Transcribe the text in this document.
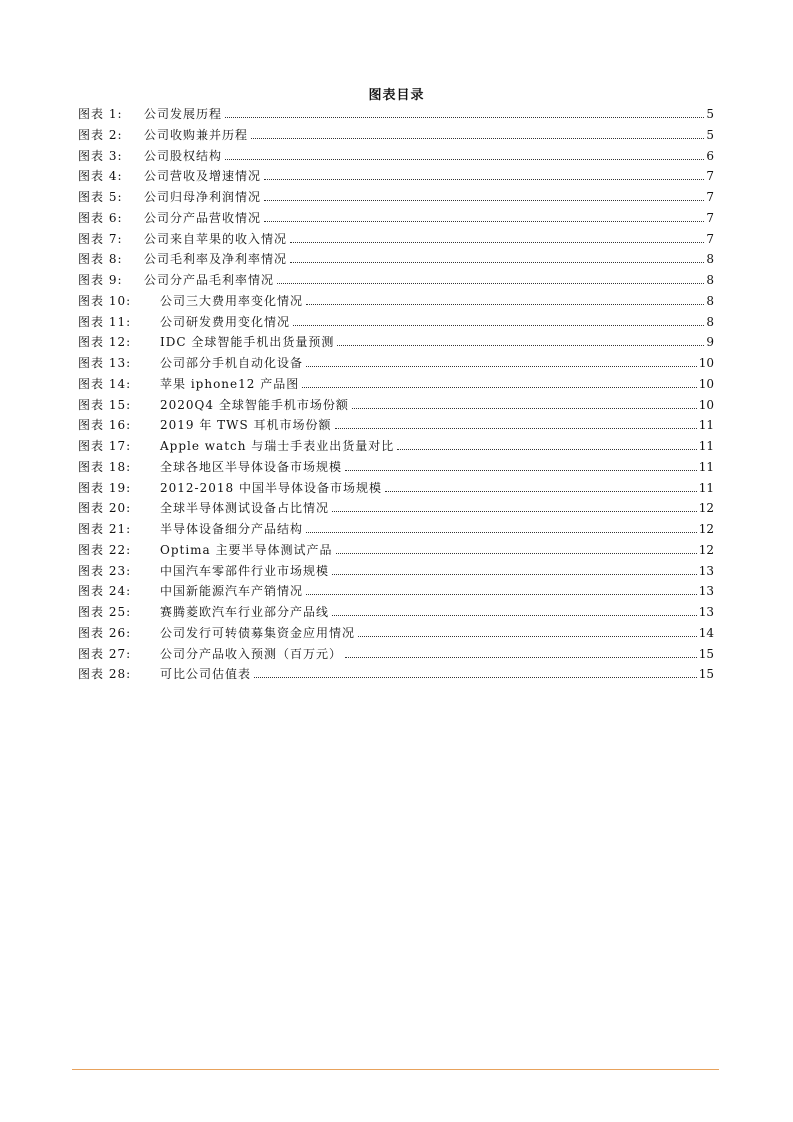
图表目录
图表 1:	公司发展历程	5
图表 2:	公司收购兼并历程	5
图表 3:	公司股权结构	6
图表 4:	公司营收及增速情况	7
图表 5:	公司归母净利润情况	7
图表 6:	公司分产品营收情况	7
图表 7:	公司来自苹果的收入情况	7
图表 8:	公司毛利率及净利率情况	8
图表 9:	公司分产品毛利率情况	8
图表 10:	公司三大费用率变化情况	8
图表 11:	公司研发费用变化情况	8
图表 12:	IDC 全球智能手机出货量预测	9
图表 13:	公司部分手机自动化设备	10
图表 14:	苹果 iphone12 产品图	10
图表 15:	2020Q4 全球智能手机市场份额	10
图表 16:	2019 年 TWS 耳机市场份额	11
图表 17:	Apple watch 与瑞士手表业出货量对比	11
图表 18:	全球各地区半导体设备市场规模	11
图表 19:	2012-2018 中国半导体设备市场规模	11
图表 20:	全球半导体测试设备占比情况	12
图表 21:	半导体设备细分产品结构	12
图表 22:	Optima 主要半导体测试产品	12
图表 23:	中国汽车零部件行业市场规模	13
图表 24:	中国新能源汽车产销情况	13
图表 25:	赛腾菱欧汽车行业部分产品线	13
图表 26:	公司发行可转债募集资金应用情况	14
图表 27:	公司分产品收入预测（百万元）	15
图表 28:	可比公司估值表	15
